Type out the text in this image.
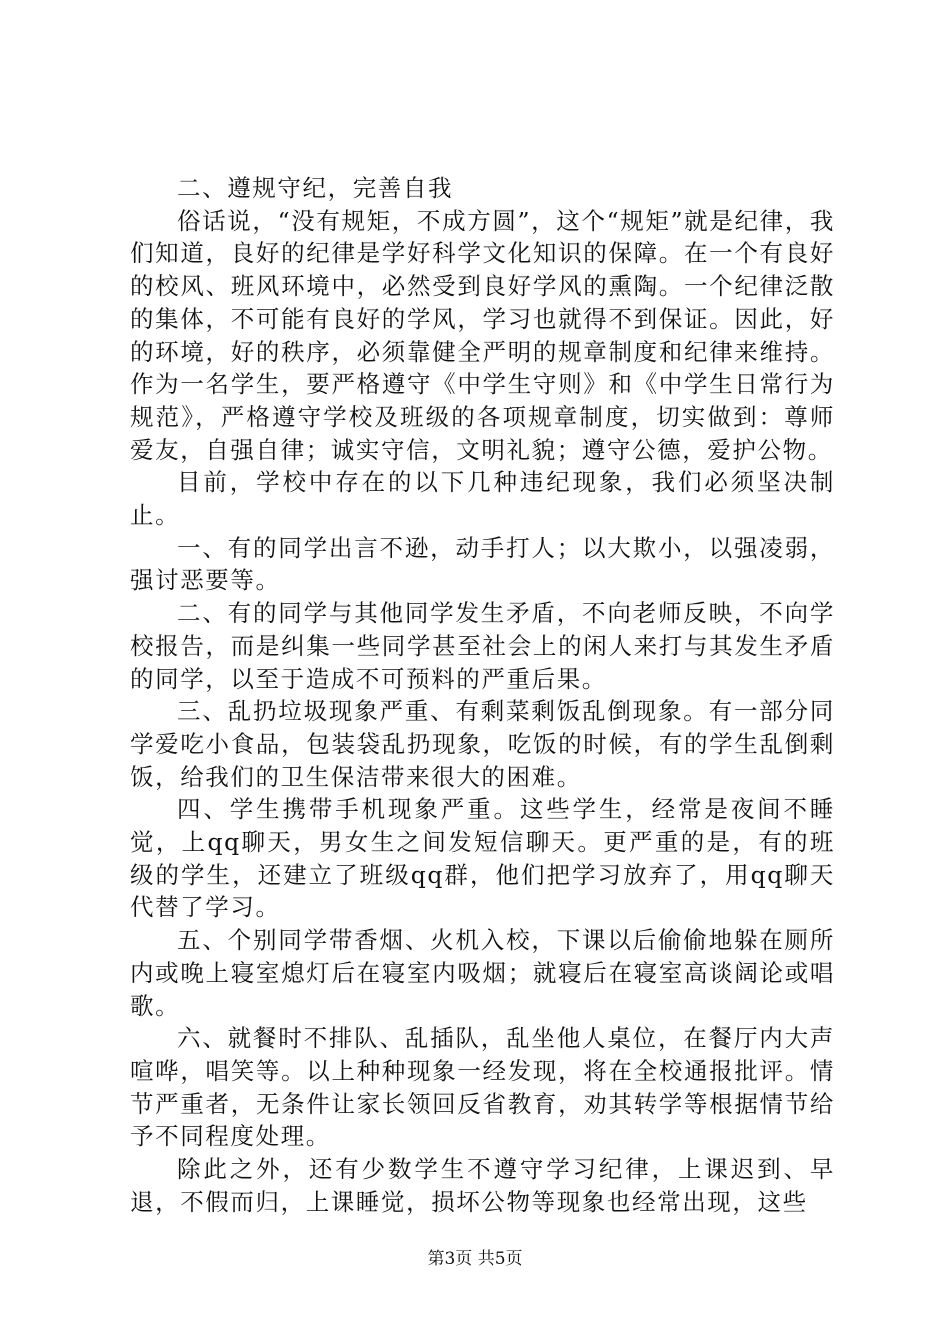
二、遵规守纪，完善自我

俗话说，“没有规矩，不成方圆”，这个“规矩”就是纪律，我们知道，良好的纪律是学好科学文化知识的保障。在一个有良好的校风、班风环境中，必然受到良好学风的熏陶。一个纪律泛散的集体，不可能有良好的学风，学习也就得不到保证。因此，好的环境，好的秩序，必须靠健全严明的规章制度和纪律来维持。作为一名学生，要严格遵守《中学生守则》和《中学生日常行为规范》，严格遵守学校及班级的各项规章制度，切实做到：尊师爱友，自强自律；诚实守信，文明礼貌；遵守公德，爱护公物。

目前，学校中存在的以下几种违纪现象，我们必须坚决制止。

一、有的同学出言不逊，动手打人；以大欺小，以强凌弱，强讨恶要等。

二、有的同学与其他同学发生矛盾，不向老师反映，不向学校报告，而是纠集一些同学甚至社会上的闲人来打与其发生矛盾的同学，以至于造成不可预料的严重后果。

三、乱扔垃圾现象严重、有剩菜剩饭乱倒现象。有一部分同学爱吃小食品，包装袋乱扔现象，吃饭的时候，有的学生乱倒剩饭，给我们的卫生保洁带来很大的困难。

四、学生携带手机现象严重。这些学生，经常是夜间不睡觉，上qq聊天，男女生之间发短信聊天。更严重的是，有的班级的学生，还建立了班级qq群，他们把学习放弃了，用qq聊天代替了学习。

五、个别同学带香烟、火机入校，下课以后偷偷地躲在厕所内或晚上寝室熄灯后在寝室内吸烟；就寝后在寝室高谈阔论或唱歌。

六、就餐时不排队、乱插队，乱坐他人桌位，在餐厅内大声喧哗，唱笑等。以上种种现象一经发现，将在全校通报批评。情节严重者，无条件让家长领回反省教育，劝其转学等根据情节给予不同程度处理。

除此之外，还有少数学生不遵守学习纪律，上课迟到、早退，不假而归，上课睡觉，损坏公物等现象也经常出现，这些

第3页 共5页
